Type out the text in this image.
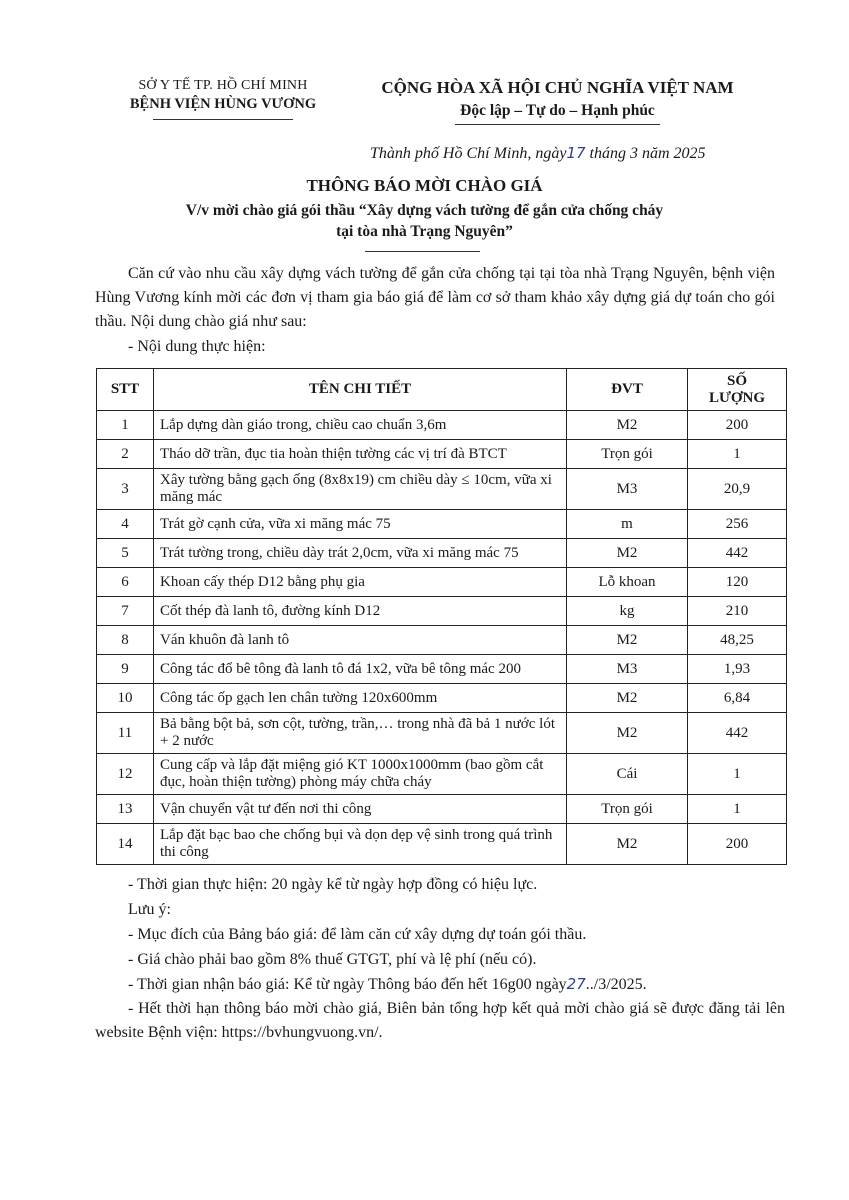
SỞ Y TẾ TP. HỒ CHÍ MINH
BỆNH VIỆN HÙNG VƯƠNG
CỘNG HÒA XÃ HỘI CHỦ NGHĨA VIỆT NAM
Độc lập – Tự do – Hạnh phúc
Thành phố Hồ Chí Minh, ngày17 tháng 3 năm 2025
THÔNG BÁO MỜI CHÀO GIÁ
V/v mời chào giá gói thầu “Xây dựng vách tường để gắn cửa chống cháy
tại tòa nhà Trạng Nguyên”
Căn cứ vào nhu cầu xây dựng vách tường để gắn cửa chống tại tại tòa nhà Trạng Nguyên, bệnh viện Hùng Vương kính mời các đơn vị tham gia báo giá để làm cơ sở tham khảo xây dựng giá dự toán cho gói thầu. Nội dung chào giá như sau:
- Nội dung thực hiện:
STT	TÊN CHI TIẾT	ĐVT	SỐ
LƯỢNG

1	Lắp dựng dàn giáo trong, chiều cao chuẩn 3,6m	M2	200
2	Tháo dỡ trần, đục tia hoàn thiện tường các vị trí đà BTCT	Trọn gói	1
3	Xây tường bằng gạch ống (8x8x19) cm chiều dày ≤ 10cm, vữa xi măng mác	M3	20,9
4	Trát gờ cạnh cửa, vữa xi măng mác 75	m	256
5	Trát tường trong, chiều dày trát 2,0cm, vữa xi măng mác 75	M2	442
6	Khoan cấy thép D12 bằng phụ gia	Lỗ khoan	120
7	Cốt thép đà lanh tô, đường kính D12	kg	210
8	Ván khuôn đà lanh tô	M2	48,25
9	Công tác đổ bê tông đà lanh tô đá 1x2, vữa bê tông mác 200	M3	1,93
10	Công tác ốp gạch len chân tường 120x600mm	M2	6,84
11	Bả bằng bột bả, sơn cột, tường, trần,… trong nhà đã bả 1 nước lót + 2 nước	M2	442
12	Cung cấp và lắp đặt miệng gió KT 1000x1000mm (bao gồm cắt đục, hoàn thiện tường) phòng máy chữa cháy	Cái	1
13	Vận chuyển vật tư đến nơi thi công	Trọn gói	1
14	Lắp đặt bạc bao che chống bụi và dọn dẹp vệ sinh trong quá trình thi công	M2	200

- Thời gian thực hiện: 20 ngày kể từ ngày hợp đồng có hiệu lực.

Lưu ý:

- Mục đích của Bảng báo giá: để làm căn cứ xây dựng dự toán gói thầu.

- Giá chào phải bao gồm 8% thuế GTGT, phí và lệ phí (nếu có).

- Thời gian nhận báo giá: Kể từ ngày Thông báo đến hết 16g00 ngày27../3/2025.

- Hết thời hạn thông báo mời chào giá, Biên bản tổng hợp kết quả mời chào giá sẽ được đăng tải lên website Bệnh viện: https://bvhungvuong.vn/.
